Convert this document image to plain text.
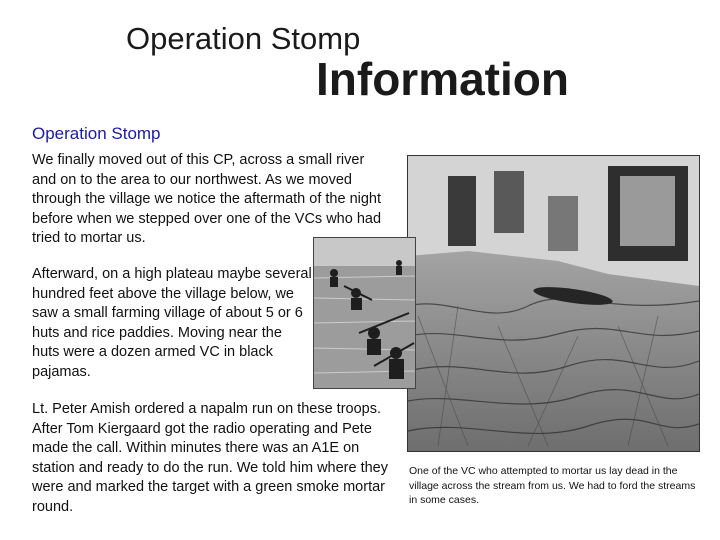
Operation Stomp
Information
Operation Stomp

We finally moved out of this CP, across a small river and on to the area to our northwest. As we moved through the village we notice the aftermath of the night before when we stepped over one of the VCs who had tried to mortar us.

Afterward, on a high plateau maybe several hundred feet above the village below, we saw a small farming village of about 5 or 6 huts and rice paddies. Moving near the huts were a dozen armed VC in black pajamas.

Lt. Peter Amish ordered a napalm run on these troops. After Tom Kiergaard got the radio operating and Pete made the call. Within minutes there was an A1E on station and ready to do the run. We told him where they were and marked the target with a green smoke mortar round.

One of the VC who attempted to mortar us lay dead in the village across the stream from us. We had to ford the streams in some cases.
